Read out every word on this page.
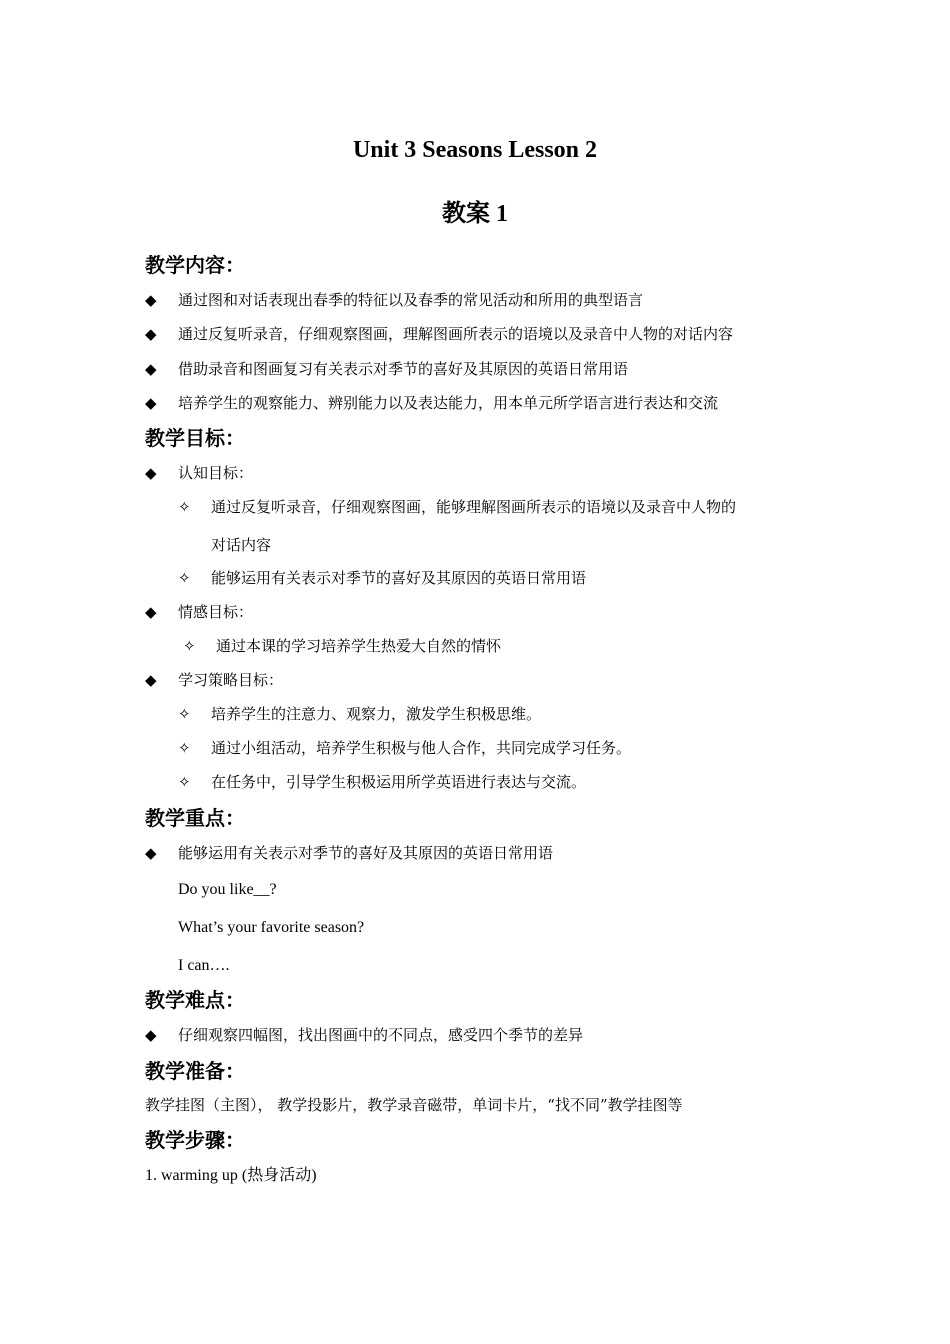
Unit 3 Seasons Lesson 2
教案 1
教学内容：
◆ 通过图和对话表现出春季的特征以及春季的常见活动和所用的典型语言
◆ 通过反复听录音，仔细观察图画，理解图画所表示的语境以及录音中人物的对话内容
◆ 借助录音和图画复习有关表示对季节的喜好及其原因的英语日常用语
◆ 培养学生的观察能力、辨别能力以及表达能力，用本单元所学语言进行表达和交流
教学目标：
◆ 认知目标：
✧ 通过反复听录音，仔细观察图画，能够理解图画所表示的语境以及录音中人物的
对话内容
✧ 能够运用有关表示对季节的喜好及其原因的英语日常用语
◆ 情感目标：
✧ 通过本课的学习培养学生热爱大自然的情怀
◆ 学习策略目标：
✧ 培养学生的注意力、观察力，激发学生积极思维。
✧ 通过小组活动，培养学生积极与他人合作，共同完成学习任务。
✧ 在任务中，引导学生积极运用所学英语进行表达与交流。
教学重点：
◆ 能够运用有关表示对季节的喜好及其原因的英语日常用语
Do you like__?
What’s your favorite season?
I can….
教学难点：
◆ 仔细观察四幅图，找出图画中的不同点，感受四个季节的差异
教学准备：
教学挂图（主图）， 教学投影片，教学录音磁带，单词卡片，“找不同”教学挂图等
教学步骤：
1. warming up (热身活动)
